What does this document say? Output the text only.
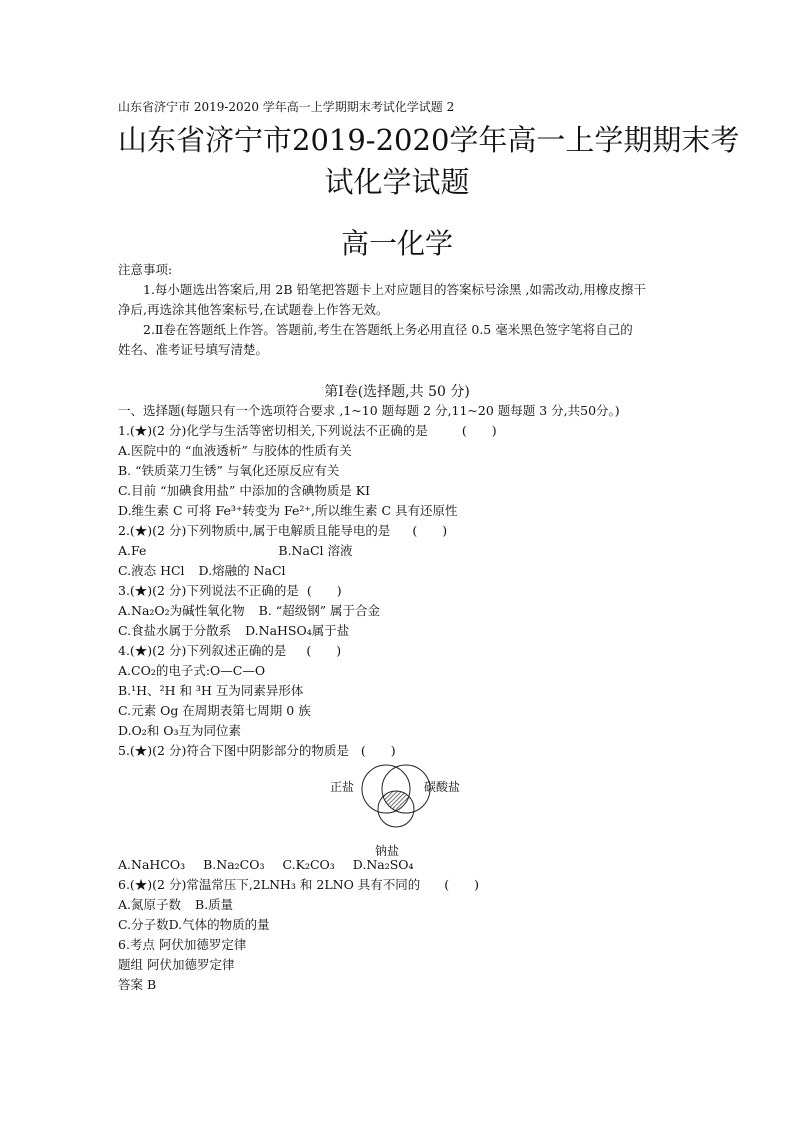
山东省济宁市 2019-2020 学年高一上学期期末考试化学试题 2
山东省济宁市2019-2020学年高一上学期期末考
试化学试题
高一化学

注意事项:

1.每小题选出答案后,用 2B 铅笔把答题卡上对应题目的答案标号涂黑 ,如需改动,用橡皮擦干

净后,再选涂其他答案标号,在试题卷上作答无效。

2.Ⅱ卷在答题纸上作答。答题前,考生在答题纸上务必用直径 0.5 毫米黑色签字笔将自己的

姓名、准考证号填写清楚。

第Ⅰ卷(选择题,共 50 分)
一、选择题(每题只有一个选项符合要求 ,1~10 题每题 2 分,11~20 题每题 3 分,共50分。)
1.(★)(2 分)化学与生活等密切相关,下列说法不正确的是	(　　)
A.医院中的 “血液透析” 与胶体的性质有关
B. “铁质菜刀生锈” 与氧化还原反应有关
C.目前 “加碘食用盐” 中添加的含碘物质是 KI
D.维生素 C 可将 Fe³⁺转变为 Fe²⁺,所以维生素 C 具有还原性
2.(★)(2 分)下列物质中,属于电解质且能导电的是 (　　)
A.Fe	B.NaCl 溶液
C.液态 HCl D.熔融的 NaCl
3.(★)(2 分)下列说法不正确的是 (　　)
A.Na₂O₂为碱性氧化物 B. “超级钢” 属于合金
C.食盐水属于分散系 D.NaHSO₄属于盐
4.(★)(2 分)下列叙述正确的是 (　　)
A.CO₂的电子式:O—C—O
B.¹H、²H 和 ³H 互为同素异形体
C.元素 Og 在周期表第七周期 0 族
D.O₂和 O₃互为同位素
5.(★)(2 分)符合下图中阴影部分的物质是 (　　)
正盐	碳酸盐
钠盐
A.NaHCO₃ B.Na₂CO₃ C.K₂CO₃ D.Na₂SO₄
6.(★)(2 分)常温常压下,2LNH₃ 和 2LNO 具有不同的 (　　)
A.氮原子数 B.质量
C.分子数D.气体的物质的量
6.考点 阿伏加德罗定律
题组 阿伏加德罗定律
答案 B
